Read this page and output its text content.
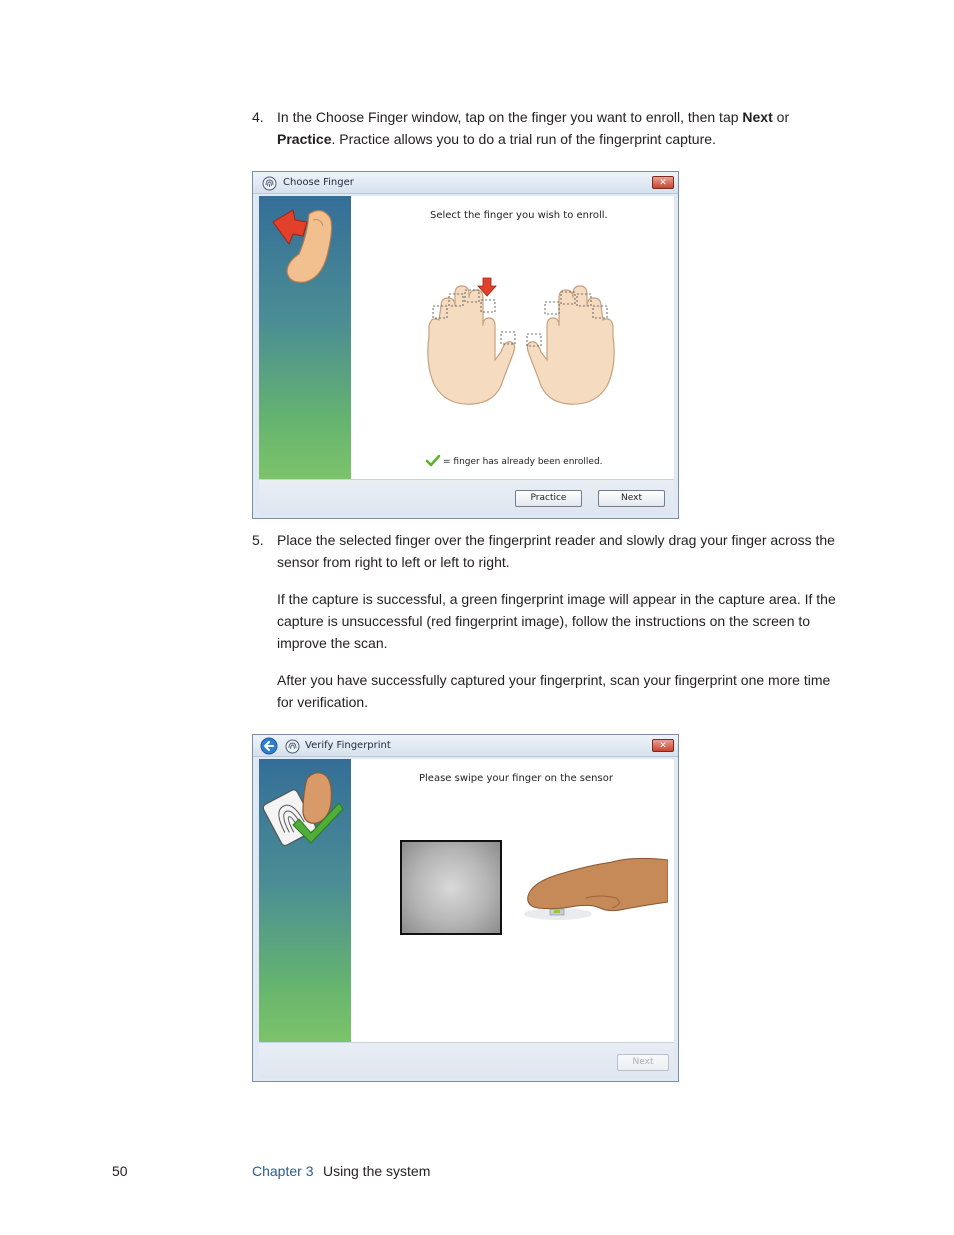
4. In the Choose Finger window, tap on the finger you want to enroll, then tap Next or
Practice. Practice allows you to do a trial run of the fingerprint capture.

Choose Finger	✕
Select the finger you wish to enroll.
= finger has already been enrolled.
Practice	Next
5. Place the selected finger over the fingerprint reader and slowly drag your finger across the sensor from right to left or left to right.

If the capture is successful, a green fingerprint image will appear in the capture area. If the capture is unsuccessful (red fingerprint image), follow the instructions on the screen to improve the scan.

After you have successfully captured your fingerprint, scan your fingerprint one more time for verification.

Verify Fingerprint	✕
Please swipe your finger on the sensor
Next
50	Chapter 3 Using the system
